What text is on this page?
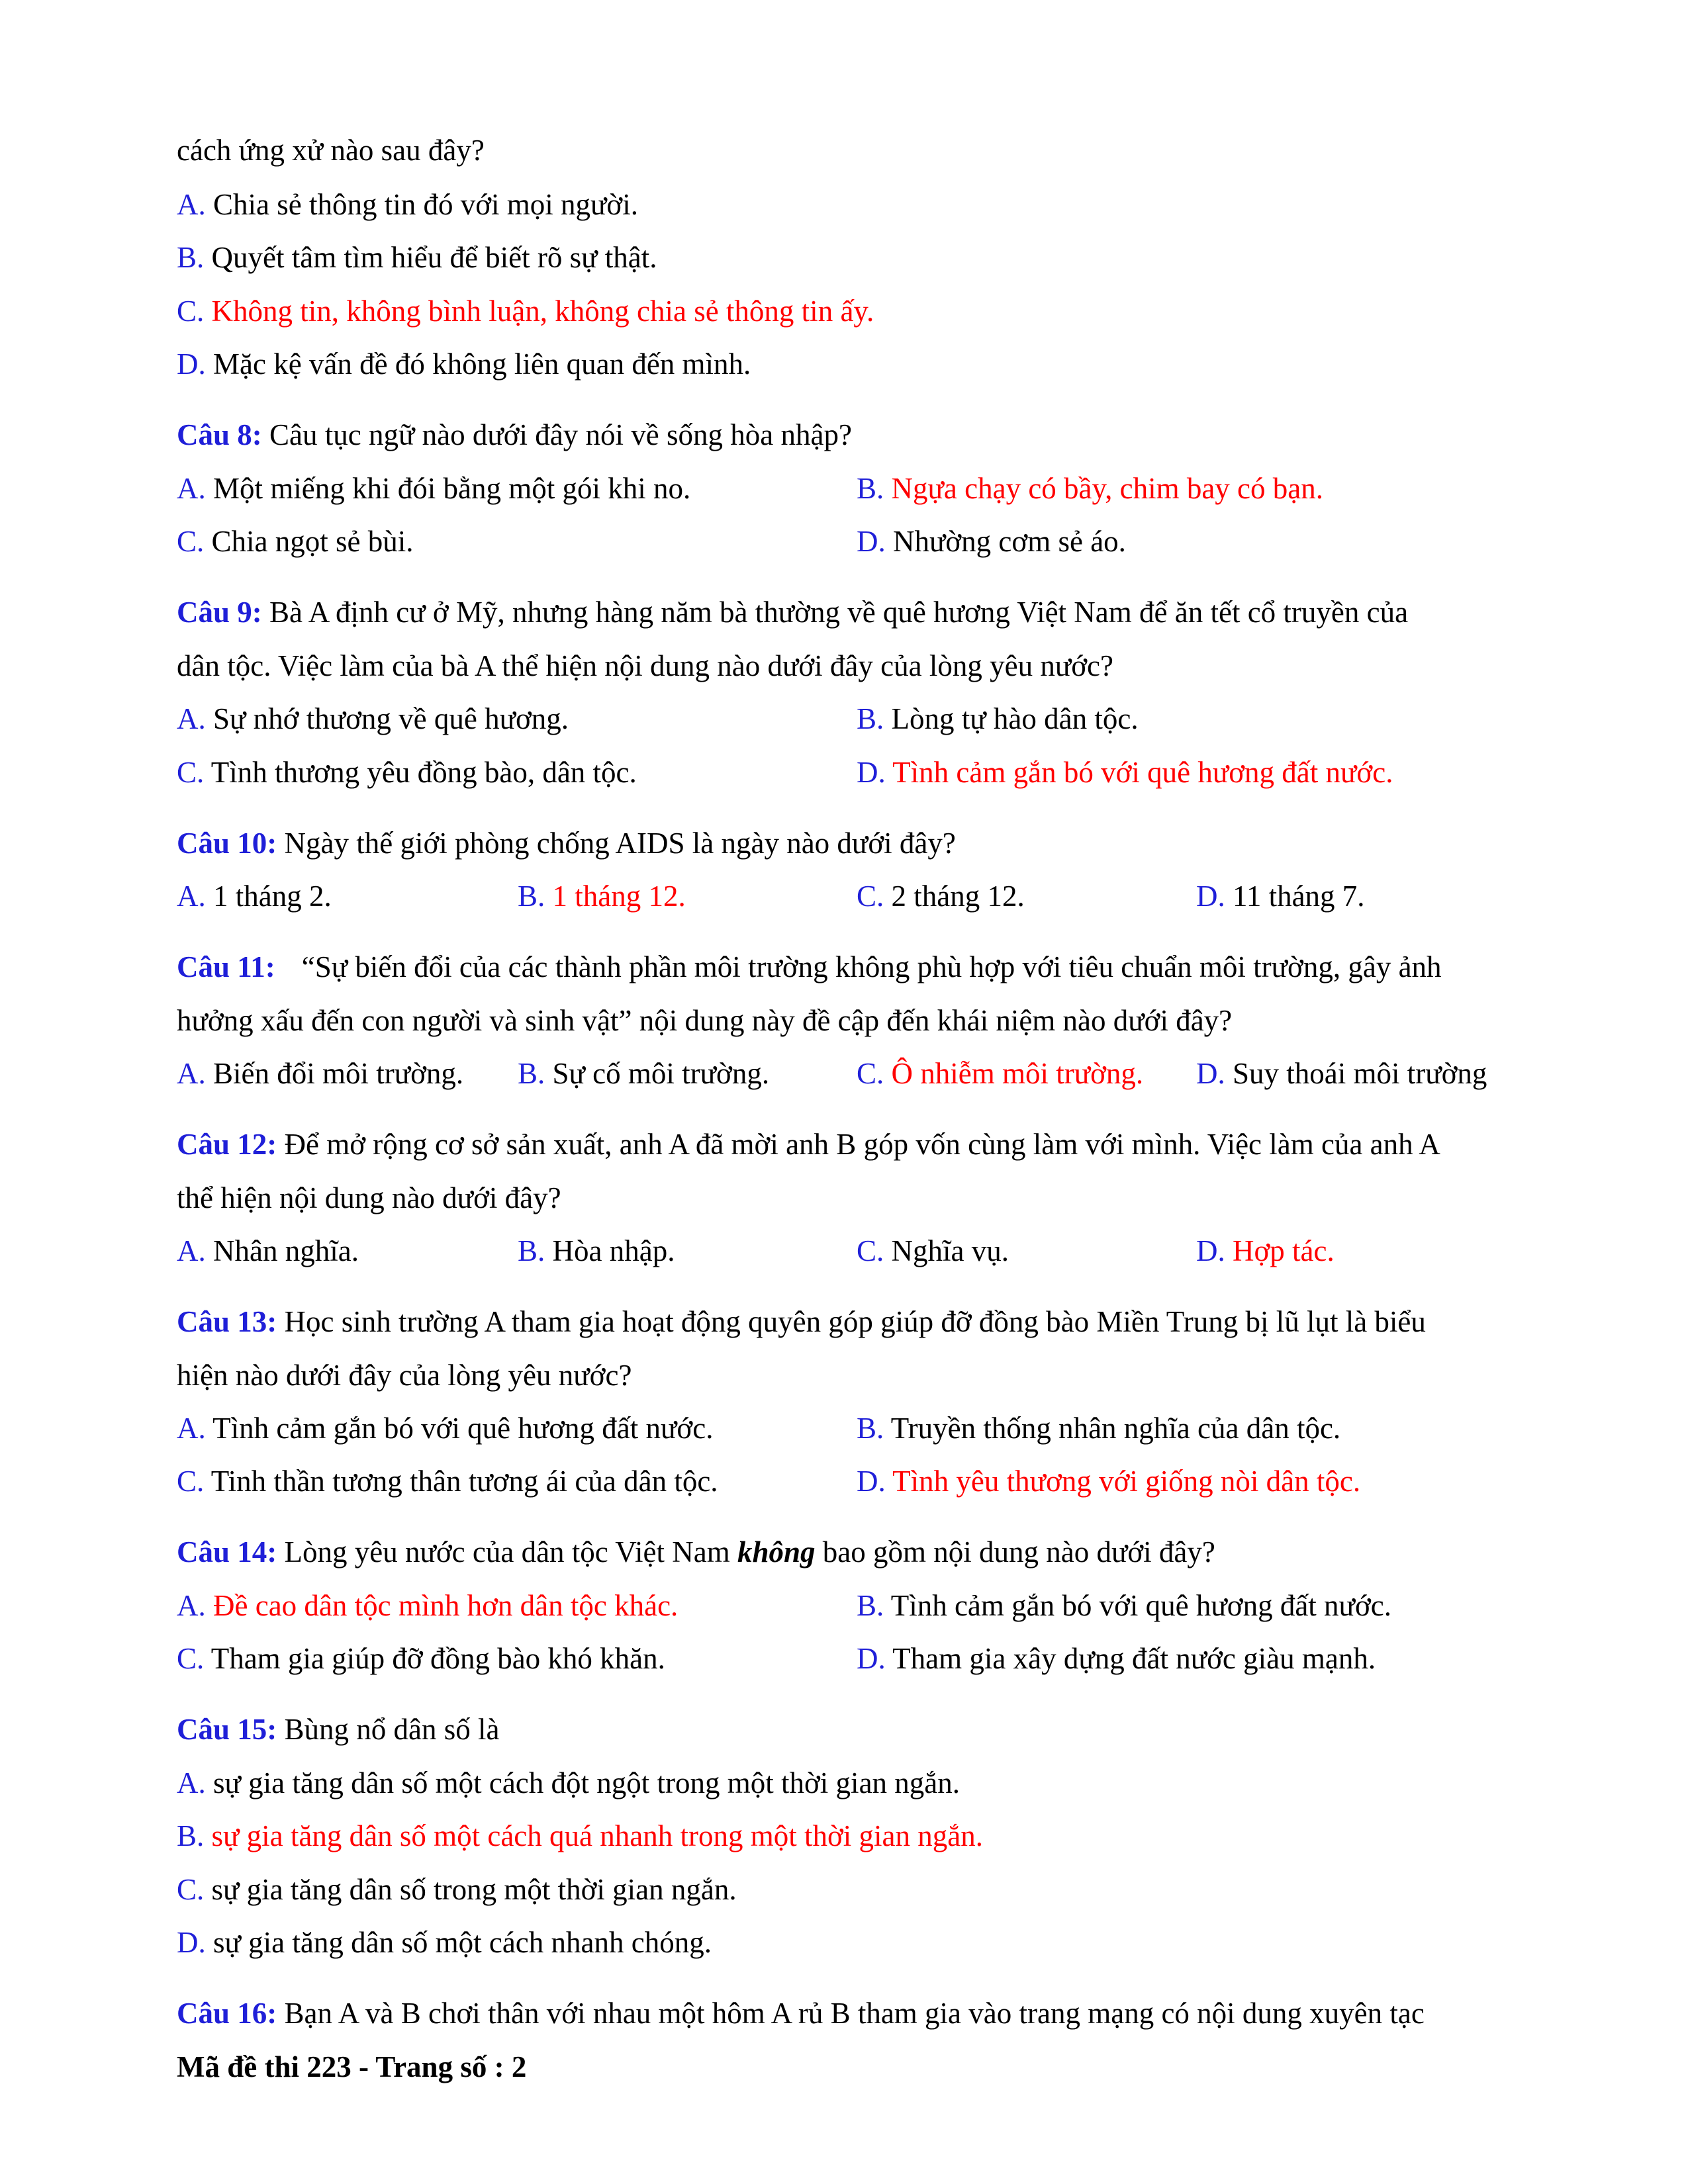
cách ứng xử nào sau đây?
A. Chia sẻ thông tin đó với mọi người.
B. Quyết tâm tìm hiểu để biết rõ sự thật.
C. Không tin, không bình luận, không chia sẻ thông tin ấy.
D. Mặc kệ vấn đề đó không liên quan đến mình.
Câu 8: Câu tục ngữ nào dưới đây nói về sống hòa nhập?
A. Một miếng khi đói bằng một gói khi no.	B. Ngựa chạy có bầy, chim bay có bạn.
C. Chia ngọt sẻ bùi.	D. Nhường cơm sẻ áo.
Câu 9: Bà A định cư ở Mỹ, nhưng hàng năm bà thường về quê hương Việt Nam để ăn tết cổ truyền của
dân tộc. Việc làm của bà A thể hiện nội dung nào dưới đây của lòng yêu nước?
A. Sự nhớ thương về quê hương.	B. Lòng tự hào dân tộc.
C. Tình thương yêu đồng bào, dân tộc.	D. Tình cảm gắn bó với quê hương đất nước.
Câu 10: Ngày thế giới phòng chống AIDS là ngày nào dưới đây?
A. 1 tháng 2.	B. 1 tháng 12.	C. 2 tháng 12.	D. 11 tháng 7.
Câu 11: “Sự biến đổi của các thành phần môi trường không phù hợp với tiêu chuẩn môi trường, gây ảnh
hưởng xấu đến con người và sinh vật” nội dung này đề cập đến khái niệm nào dưới đây?
A. Biến đổi môi trường. B. Sự cố môi trường.	C. Ô nhiễm môi trường. D. Suy thoái môi trường
Câu 12: Để mở rộng cơ sở sản xuất, anh A đã mời anh B góp vốn cùng làm với mình. Việc làm của anh A
thể hiện nội dung nào dưới đây?
A. Nhân nghĩa.	B. Hòa nhập.	C. Nghĩa vụ.	D. Hợp tác.
Câu 13: Học sinh trường A tham gia hoạt động quyên góp giúp đỡ đồng bào Miền Trung bị lũ lụt là biểu
hiện nào dưới đây của lòng yêu nước?
A. Tình cảm gắn bó với quê hương đất nước.	B. Truyền thống nhân nghĩa của dân tộc.
C. Tinh thần tương thân tương ái của dân tộc.	D. Tình yêu thương với giống nòi dân tộc.
Câu 14: Lòng yêu nước của dân tộc Việt Nam không bao gồm nội dung nào dưới đây?
A. Đề cao dân tộc mình hơn dân tộc khác.	B. Tình cảm gắn bó với quê hương đất nước.
C. Tham gia giúp đỡ đồng bào khó khăn.	D. Tham gia xây dựng đất nước giàu mạnh.
Câu 15: Bùng nổ dân số là
A. sự gia tăng dân số một cách đột ngột trong một thời gian ngắn.
B. sự gia tăng dân số một cách quá nhanh trong một thời gian ngắn.
C. sự gia tăng dân số trong một thời gian ngắn.
D. sự gia tăng dân số một cách nhanh chóng.
Câu 16: Bạn A và B chơi thân với nhau một hôm A rủ B tham gia vào trang mạng có nội dung xuyên tạc
Mã đề thi 223 - Trang số : 2
